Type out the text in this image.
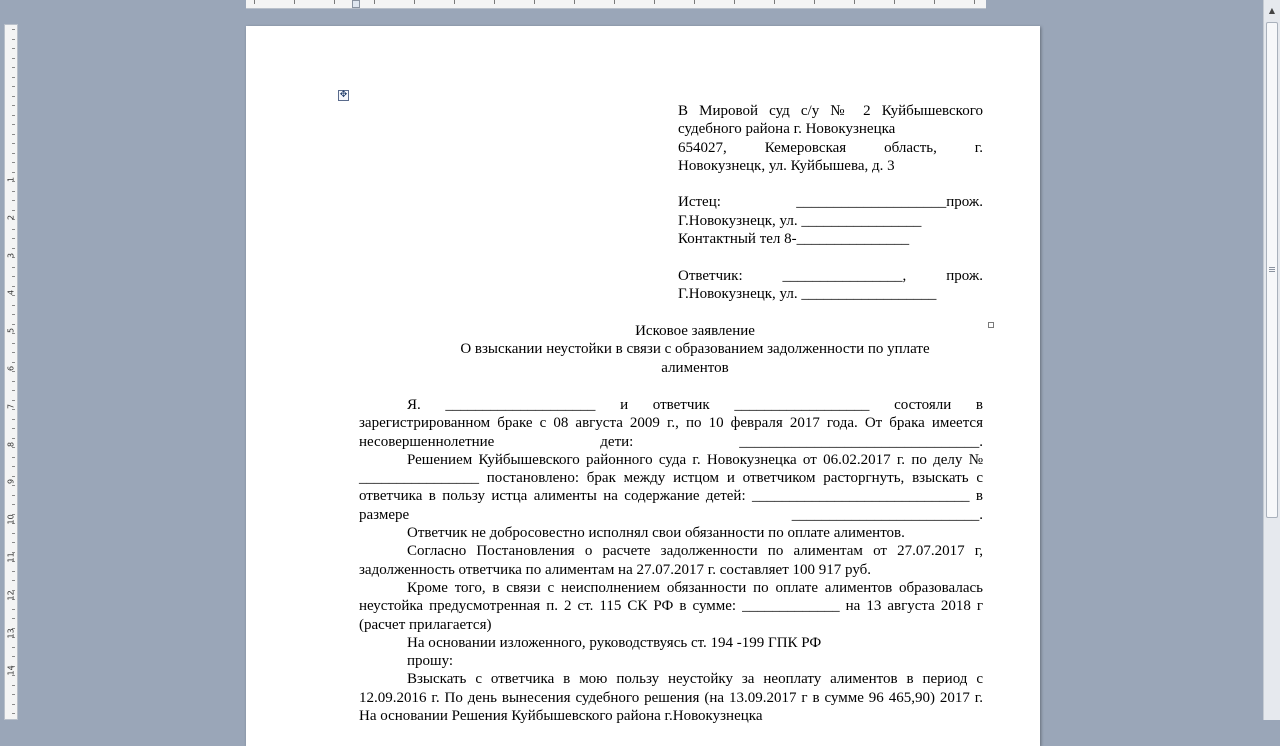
1
2
3
4
5
6
7
8
9
10
11
12
13
14
▲
✥
В Мировой суд с/у № 2 Куйбышевского
судебного района г. Новокузнецка
654027, Кемеровская область, г.
Новокузнецк, ул. Куйбышева, д. 3
Истец: ____________________прож.
Г.Новокузнецк, ул. ________________
Контактный тел 8-_______________
Ответчик: ________________, прож.
Г.Новокузнецк, ул. __________________
Исковое заявление
О взыскании неустойки в связи с образованием задолженности по уплате алиментов

Я. ____________________ и ответчик __________________ состояли в зарегистрированном браке с 08 августа 2009 г., по 10 февраля 2017 года. От брака имеется несовершеннолетние дети: ________________________________.

Решением Куйбышевского районного суда г. Новокузнецка от 06.02.2017 г. по делу № ________________ постановлено: брак между истцом и ответчиком расторгнуть, взыскать с ответчика в пользу истца алименты на содержание детей: _____________________________ в размере _________________________.

Ответчик не добросовестно исполнял свои обязанности по оплате алиментов.

Согласно Постановления о расчете задолженности по алиментам от 27.07.2017 г, задолженность ответчика по алиментам на 27.07.2017 г. составляет 100 917 руб.

Кроме того, в связи с неисполнением обязанности по оплате алиментов образовалась неустойка предусмотренная п. 2 ст. 115 СК РФ в сумме: _____________ на 13 августа 2018 г (расчет прилагается)

На основании изложенного, руководствуясь ст. 194 -199 ГПК РФ

прошу:

Взыскать с ответчика в мою пользу неустойку за неоплату алиментов в период с 12.09.2016 г. По день вынесения судебного решения (на 13.09.2017 г в сумме 96 465,90) 2017 г. На основании Решения Куйбышевского района г.Новокузнецка
